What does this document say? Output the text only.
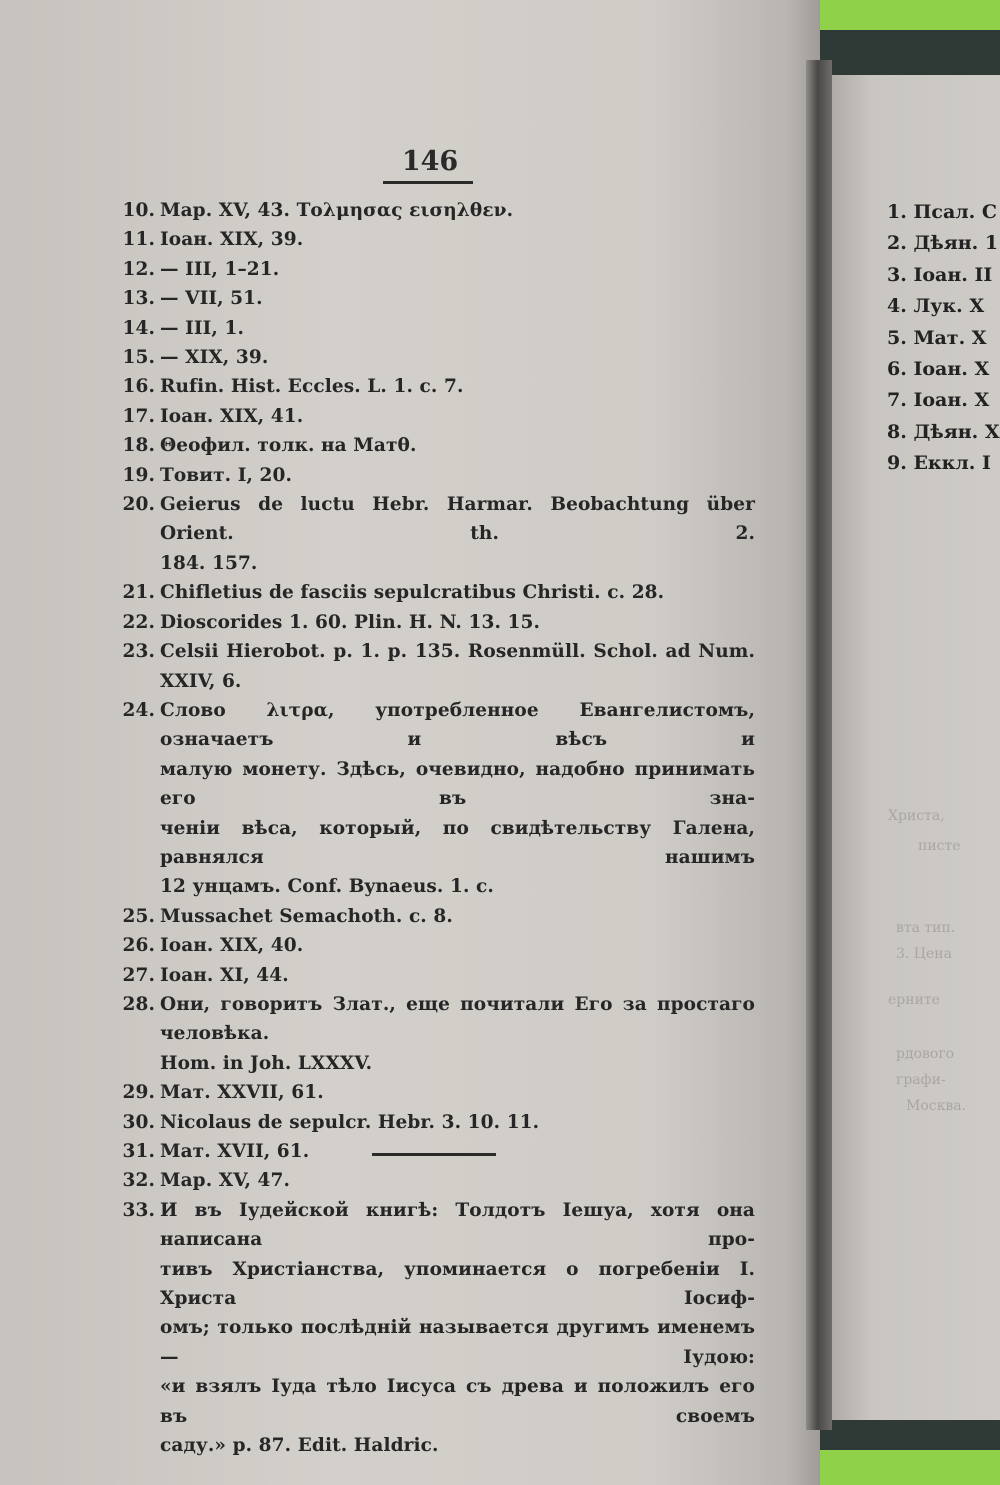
146
10. Мар. XV, 43. Τολμησας εισηλθεν.
11. Ioан. XIX, 39.
12. — III, 1–21.
13. — VII, 51.
14. — III, 1.
15. — XIX, 39.
16. Rufin. Hist. Eccles. L. 1. c. 7.
17. Ioан. XIX, 41.
18. Θеофил. толк. на Матθ.
19. Товит. I, 20.
20. Geierus de luctu Hebr. Harmar. Beobachtung über Orient. th. 2.
184. 157.
21. Chifletius de fasciis sepulcratibus Christi. c. 28.
22. Dioscorides 1. 60. Plin. H. N. 13. 15.
23. Celsii Hierobot. p. 1. p. 135. Rosenmüll. Schol. ad Num. XXIV, 6.
24. Слово λιτρα, употребленное Евангелистомъ, означаетъ и вѣсъ и
малую монету. Здѣсь, очевидно, надобно принимать его въ зна-
ченiи вѣса, который, по свидѣтельству Галена, равнялся нашимъ
12 унцамъ. Conf. Bynaeus. 1. c.
25. Mussachet Semachoth. c. 8.
26. Ioан. XIX, 40.
27. Ioан. XI, 44.
28. Они, говоритъ Злат., еще почитали Его за простаго человѣка.
Hom. in Joh. LXXXV.
29. Мат. XXVII, 61.
30. Nicolaus de sepulcr. Hebr. 3. 10. 11.
31. Мат. XVII, 61.
32. Мар. XV, 47.
33. И въ Iудейской книгѣ: Толдотъ Iешуа, хотя она написана про-
тивъ Христiанства, упоминается о погребенiи I. Христа Iосиф-
омъ; только послѣднiй называется другимъ именемъ — Iудою:
«и взялъ Iуда тѣло Iисуса съ древа и положилъ его въ своемъ
саду.» p. 87. Edit. Haldric.
1. Псал. С
2. Дѣян. 1
3. Ioан. II
4. Лук. Х
5. Мат. Х
6. Ioан. Х
7. Ioан. Х
8. Дѣян. Х
9. Еккл. I
Христа,
писте
втa тип.
3. Цена
ерните
рдового
графи-
Москва.
